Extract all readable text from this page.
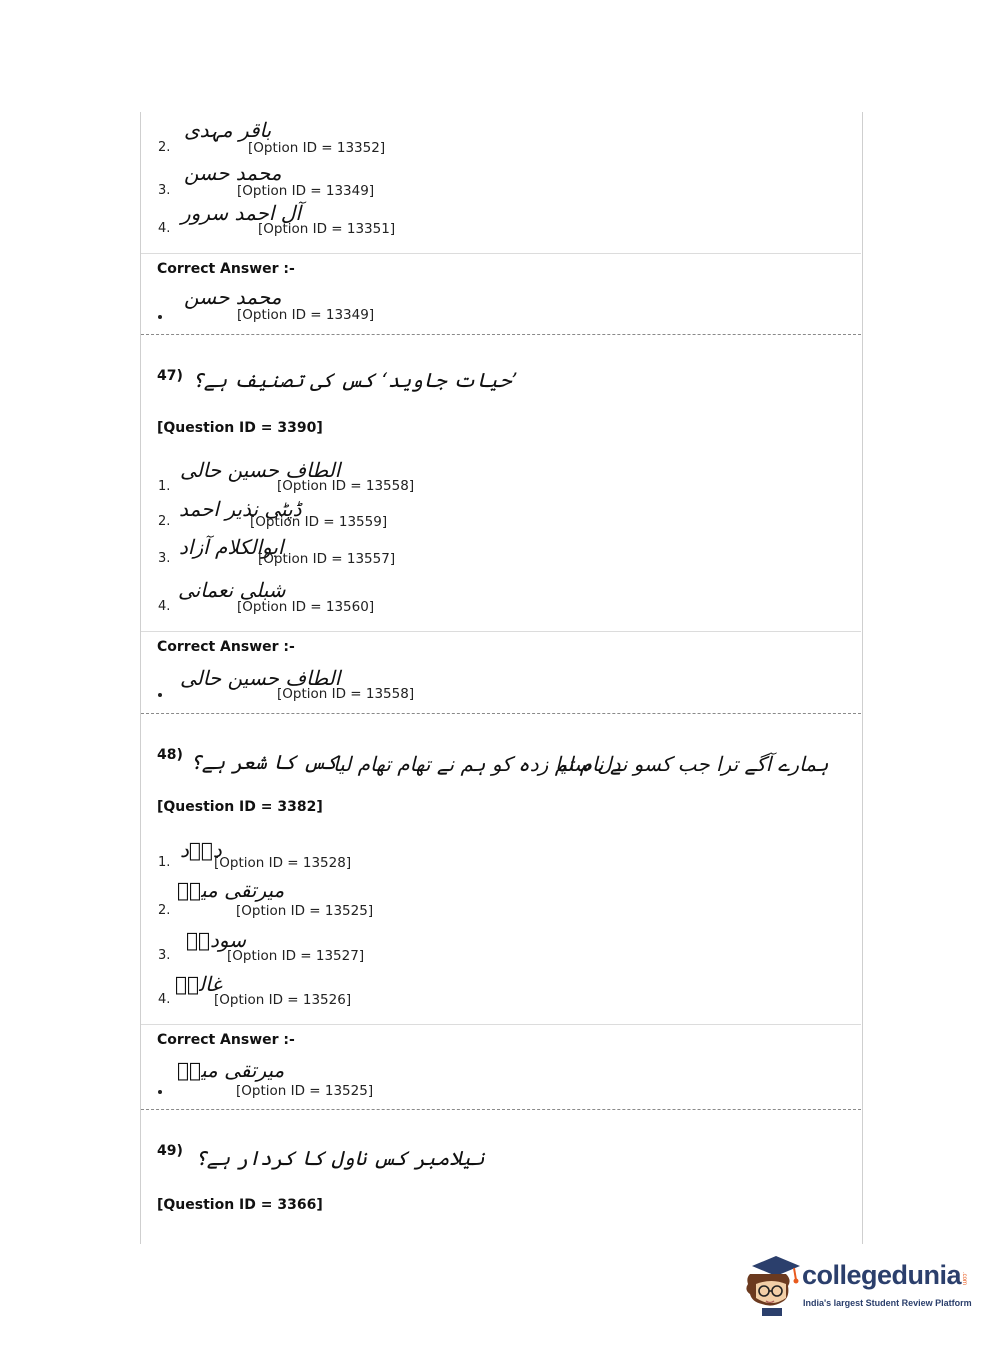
2.
باقر مہدی
[Option ID = 13352]
3.
محمد حسن
[Option ID = 13349]
4.
آل احمد سرور
[Option ID = 13351]
Correct Answer :-
محمد حسن
[Option ID = 13349]
47) ’حیات جاوید‘ کس کی تصنیف ہے؟
[Question ID = 3390]
1.
الطاف حسین حالی
[Option ID = 13558]
2.
ڈپٹی نذیر احمد
[Option ID = 13559]
3. ابوالکلام آزاد
[Option ID = 13557]
4.
شبلی نعمانی
[Option ID = 13560]
Correct Answer :-
الطاف حسین حالی
[Option ID = 13558]
48) کس کا شعر ہے؟
دل ستم زدہ کو ہم نے تھام تھام لیا
ہمارے آگے ترا جب کسو نے نام لیا
[Question ID = 3382]
1.
درؔد
[Option ID = 13528]
2.
میرتقی میرؔ
[Option ID = 13525]
3.
سوداؔ
[Option ID = 13527]
4.
غالبؔ
[Option ID = 13526]
Correct Answer :-
میرتقی میرؔ
[Option ID = 13525]
49) نیلامبر کس ناول کا کردار ہے؟
[Question ID = 3366]
collegedunia .com
India's largest Student Review Platform
